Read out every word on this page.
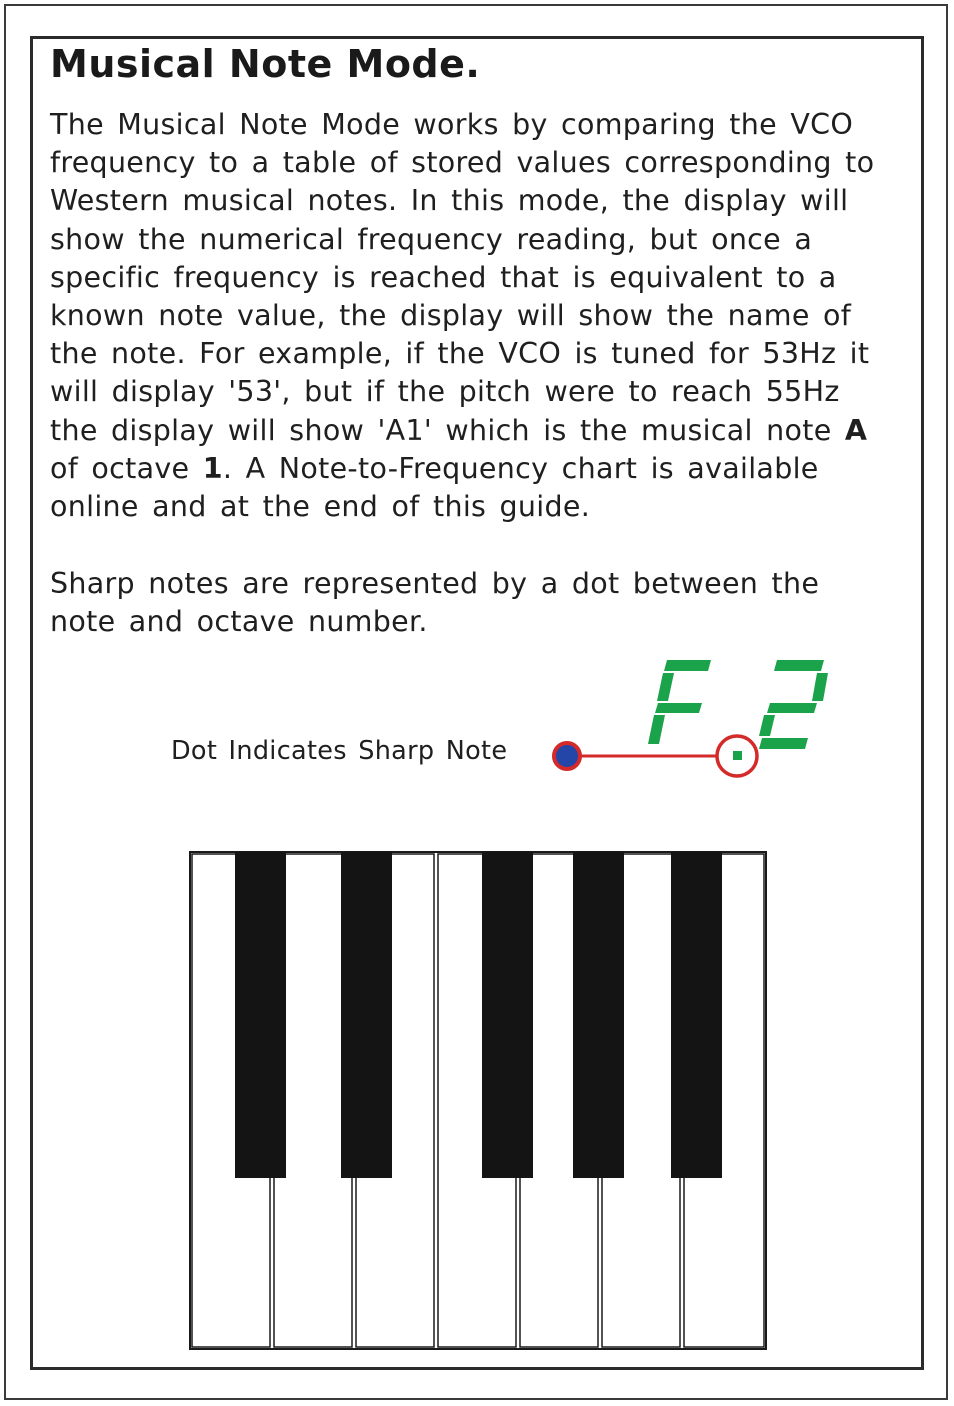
Musical Note Mode.

The Musical Note Mode works by comparing the VCO
frequency to a table of stored values corresponding to
Western musical notes. In this mode, the display will
show the numerical frequency reading, but once a
specific frequency is reached that is equivalent to a
known note value, the display will show the name of
the note. For example, if the VCO is tuned for 53Hz it
will display '53', but if the pitch were to reach 55Hz
the display will show 'A1' which is the musical note A
of octave 1. A Note-to-Frequency chart is available
online and at the end of this guide.

Sharp notes are represented by a dot between the
note and octave number.

Dot Indicates Sharp Note
